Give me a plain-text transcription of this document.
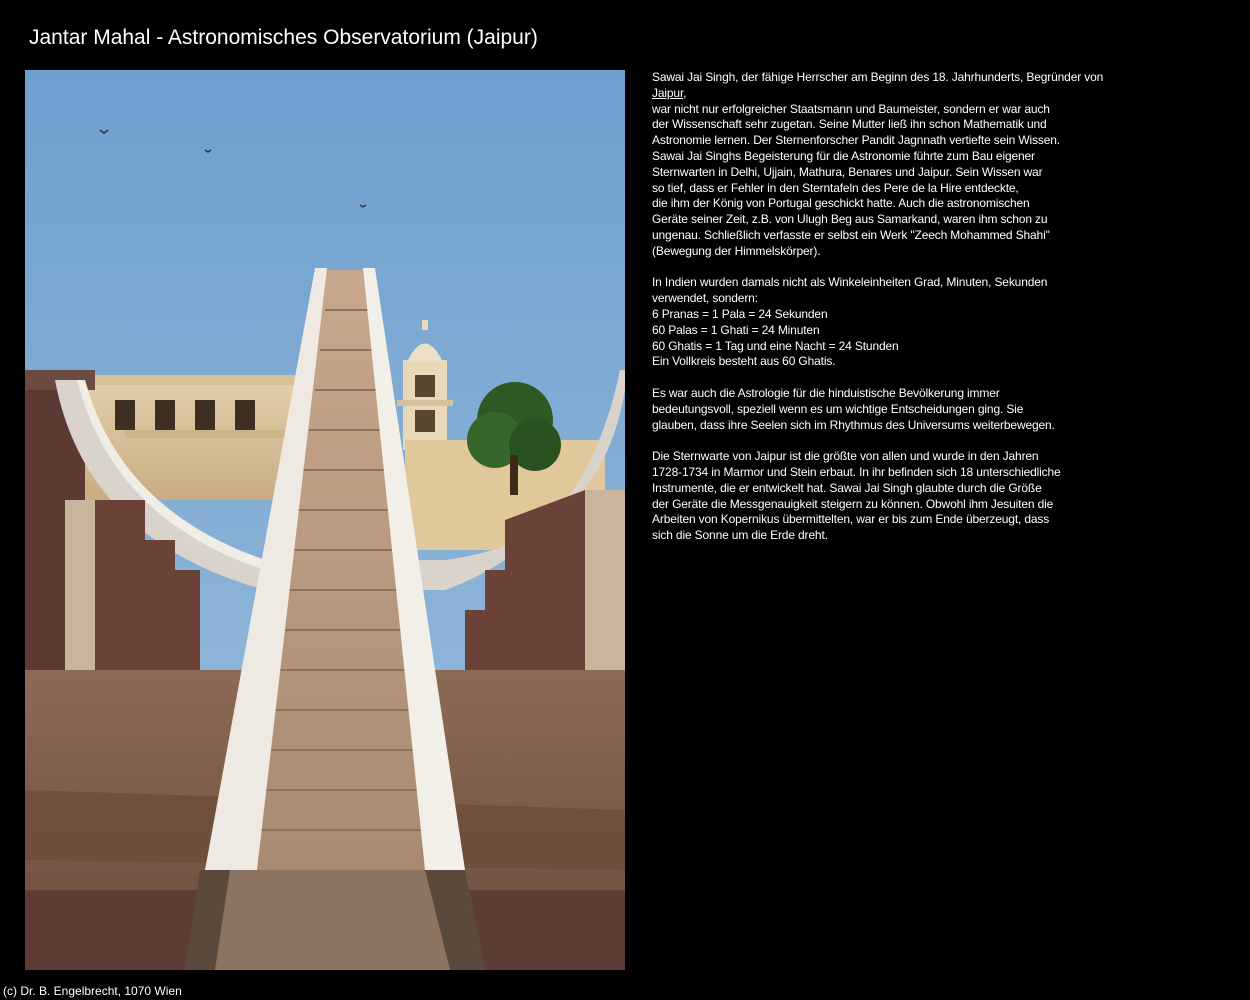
Jantar Mahal - Astronomisches Observatorium (Jaipur)
Sawai Jai Singh, der fähige Herrscher am Beginn des 18. Jahrhunderts, Begründer von
Jaipur,
war nicht nur erfolgreicher Staatsmann und Baumeister, sondern er war auch
der Wissenschaft sehr zugetan. Seine Mutter ließ ihn schon Mathematik und
Astronomie lernen. Der Sternenforscher Pandit Jagnnath vertiefte sein Wissen.
Sawai Jai Singhs Begeisterung für die Astronomie führte zum Bau eigener
Sternwarten in Delhi, Ujjain, Mathura, Benares und Jaipur. Sein Wissen war
so tief, dass er Fehler in den Sterntafeln des Pere de la Hire entdeckte,
die ihm der König von Portugal geschickt hatte. Auch die astronomischen
Geräte seiner Zeit, z.B. von Ulugh Beg aus Samarkand, waren ihm schon zu
ungenau. Schließlich verfasste er selbst ein Werk "Zeech Mohammed Shahi"
(Bewegung der Himmelskörper).
In Indien wurden damals nicht als Winkeleinheiten Grad, Minuten, Sekunden
verwendet, sondern:
6 Pranas = 1 Pala = 24 Sekunden
60 Palas = 1 Ghati = 24 Minuten
60 Ghatis = 1 Tag und eine Nacht = 24 Stunden
Ein Vollkreis besteht aus 60 Ghatis.
Es war auch die Astrologie für die hinduistische Bevölkerung immer
bedeutungsvoll, speziell wenn es um wichtige Entscheidungen ging. Sie
glauben, dass ihre Seelen sich im Rhythmus des Universums weiterbewegen.
Die Sternwarte von Jaipur ist die größte von allen und wurde in den Jahren
1728-1734 in Marmor und Stein erbaut. In ihr befinden sich 18 unterschiedliche
Instrumente, die er entwickelt hat. Sawai Jai Singh glaubte durch die Größe
der Geräte die Messgenauigkeit steigern zu können. Obwohl ihm Jesuiten die
Arbeiten von Kopernikus übermittelten, war er bis zum Ende überzeugt, dass
sich die Sonne um die Erde dreht.
(c) Dr. B. Engelbrecht, 1070 Wien
